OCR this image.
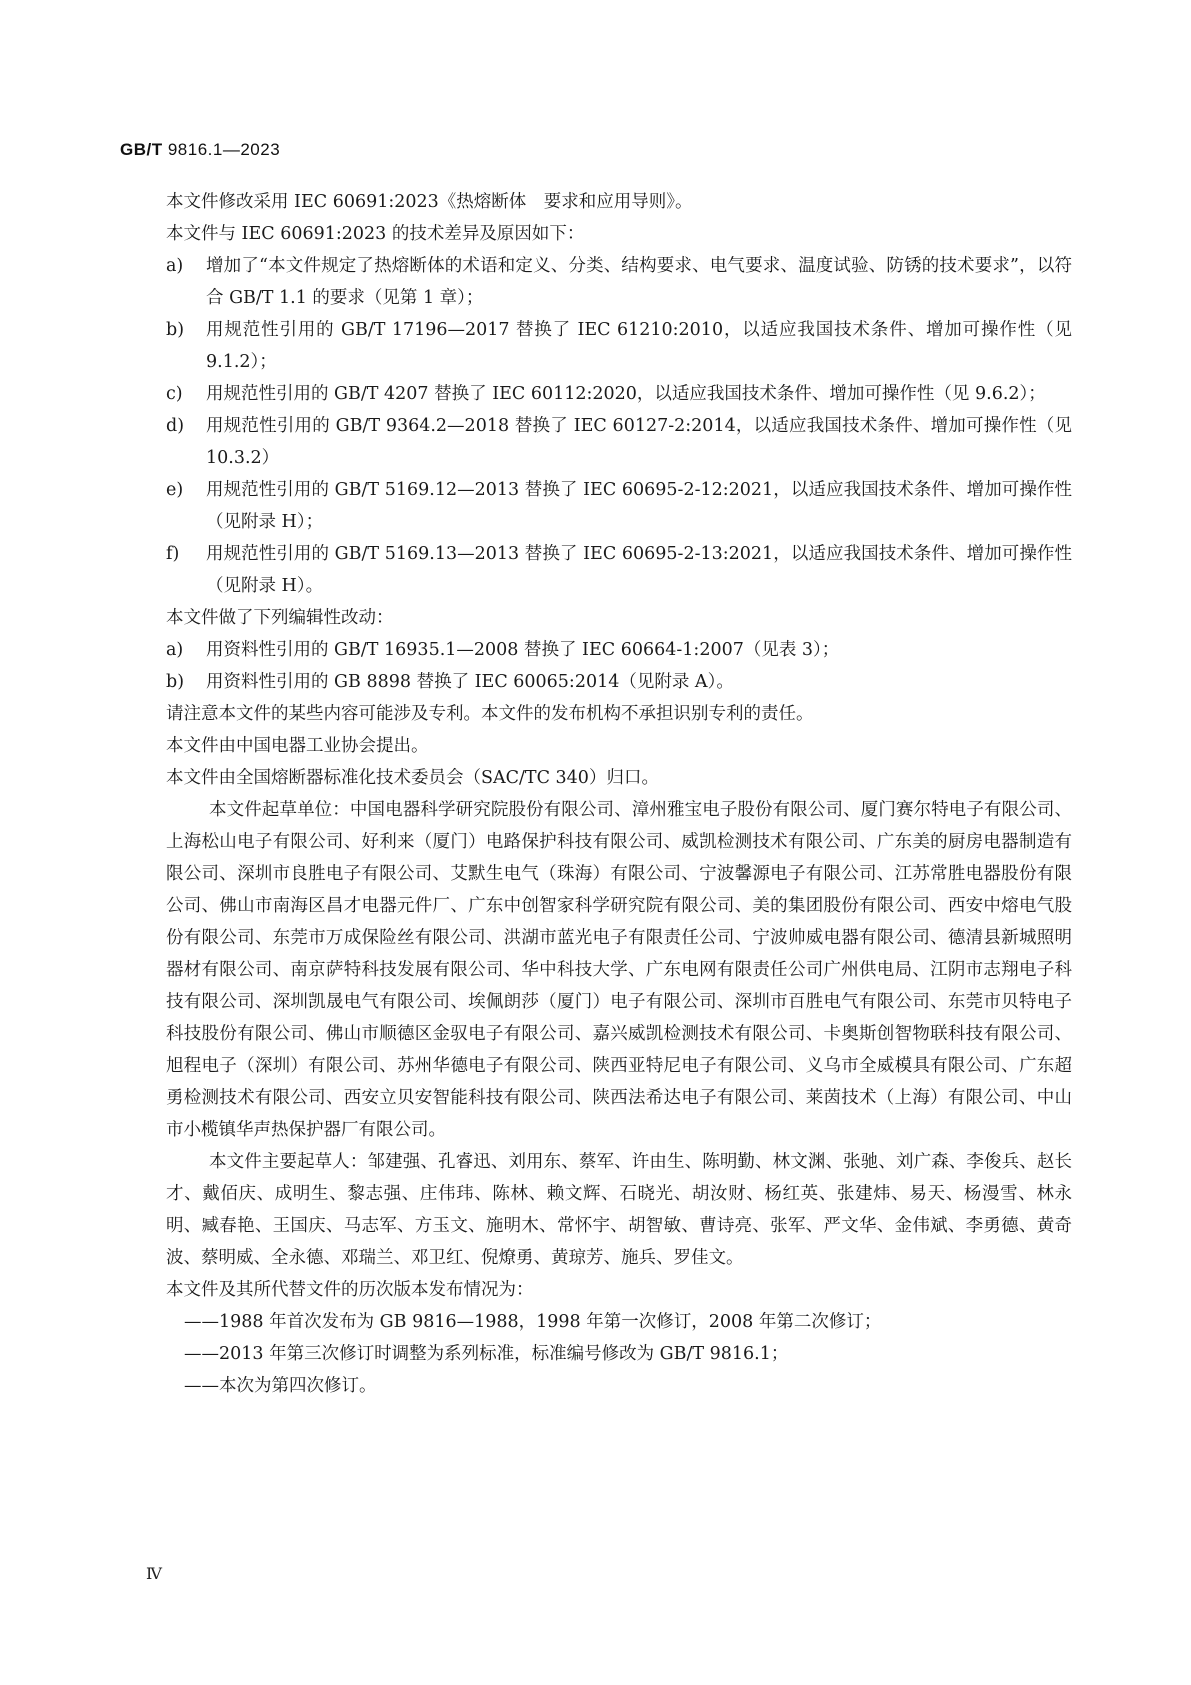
GB/T 9816.1—2023

本文件修改采用 IEC 60691:2023《热熔断体　要求和应用导则》。

本文件与 IEC 60691:2023 的技术差异及原因如下：

a)	增加了“本文件规定了热熔断体的术语和定义、分类、结构要求、电气要求、温度试验、防锈的技术要求”，以符合 GB/T 1.1 的要求（见第 1 章）；
b)	用规范性引用的 GB/T 17196—2017 替换了 IEC 61210:2010，以适应我国技术条件、增加可操作性（见 9.1.2）；
c)	用规范性引用的 GB/T 4207 替换了 IEC 60112:2020，以适应我国技术条件、增加可操作性（见 9.6.2）；
d)	用规范性引用的 GB/T 9364.2—2018 替换了 IEC 60127-2:2014，以适应我国技术条件、增加可操作性（见 10.3.2）
e)	用规范性引用的 GB/T 5169.12—2013 替换了 IEC 60695-2-12:2021，以适应我国技术条件、增加可操作性（见附录 H）；
f)	用规范性引用的 GB/T 5169.13—2013 替换了 IEC 60695-2-13:2021，以适应我国技术条件、增加可操作性（见附录 H）。

本文件做了下列编辑性改动：

a)	用资料性引用的 GB/T 16935.1—2008 替换了 IEC 60664-1:2007（见表 3）；
b)	用资料性引用的 GB 8898 替换了 IEC 60065:2014（见附录 A）。

请注意本文件的某些内容可能涉及专利。本文件的发布机构不承担识别专利的责任。

本文件由中国电器工业协会提出。

本文件由全国熔断器标准化技术委员会（SAC/TC 340）归口。

本文件起草单位：中国电器科学研究院股份有限公司、漳州雅宝电子股份有限公司、厦门赛尔特电子有限公司、上海松山电子有限公司、好利来（厦门）电路保护科技有限公司、威凯检测技术有限公司、广东美的厨房电器制造有限公司、深圳市良胜电子有限公司、艾默生电气（珠海）有限公司、宁波馨源电子有限公司、江苏常胜电器股份有限公司、佛山市南海区昌才电器元件厂、广东中创智家科学研究院有限公司、美的集团股份有限公司、西安中熔电气股份有限公司、东莞市万成保险丝有限公司、洪湖市蓝光电子有限责任公司、宁波帅威电器有限公司、德清县新城照明器材有限公司、南京萨特科技发展有限公司、华中科技大学、广东电网有限责任公司广州供电局、江阴市志翔电子科技有限公司、深圳凯晟电气有限公司、埃佩朗莎（厦门）电子有限公司、深圳市百胜电气有限公司、东莞市贝特电子科技股份有限公司、佛山市顺德区金驭电子有限公司、嘉兴威凯检测技术有限公司、卡奥斯创智物联科技有限公司、旭程电子（深圳）有限公司、苏州华德电子有限公司、陕西亚特尼电子有限公司、义乌市全威模具有限公司、广东超勇检测技术有限公司、西安立贝安智能科技有限公司、陕西法希达电子有限公司、莱茵技术（上海）有限公司、中山市小榄镇华声热保护器厂有限公司。

本文件主要起草人：邹建强、孔睿迅、刘用东、蔡军、许由生、陈明勤、林文渊、张驰、刘广森、李俊兵、赵长才、戴佰庆、成明生、黎志强、庄伟玮、陈林、赖文辉、石晓光、胡汝财、杨红英、张建炜、易天、杨漫雪、林永明、臧春艳、王国庆、马志军、方玉文、施明木、常怀宇、胡智敏、曹诗亮、张军、严文华、金伟斌、李勇德、黄奇波、蔡明威、全永德、邓瑞兰、邓卫红、倪燎勇、黄琼芳、施兵、罗佳文。

本文件及其所代替文件的历次版本发布情况为：

——1988 年首次发布为 GB 9816—1988，1998 年第一次修订，2008 年第二次修订；

——2013 年第三次修订时调整为系列标准，标准编号修改为 GB/T 9816.1；

——本次为第四次修订。

Ⅳ
